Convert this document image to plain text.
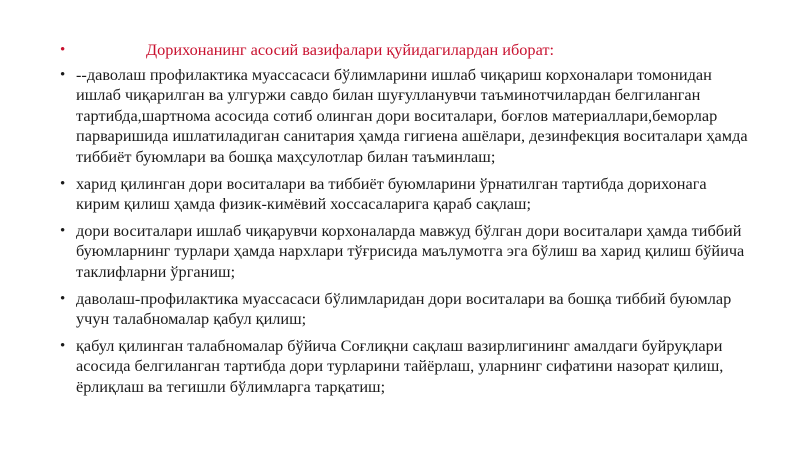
•	Дорихонанинг асосий вазифалари қуйидагилардан иборат:
• --даволаш профилактика муассасаси бўлимларини ишлаб чиқариш корхоналари томонидан ишлаб чиқарилган ва улгуржи савдо билан шуғулланувчи таъминотчилардан белгиланган тартибда,шартнома асосида сотиб олинган дори воситалари, боғлов материаллари,беморлар парваришида ишлатиладиган санитария ҳамда гигиена ашёлари, дезинфекция воситалари ҳамда тиббиёт буюмлари ва бошқа маҳсулотлар билан таъминлаш;
• харид қилинган дори воситалари ва тиббиёт буюмларини ўрнатилган тартибда дорихонага кирим қилиш ҳамда физик-кимёвий хоссасаларига қараб сақлаш;
• дори воситалари ишлаб чиқарувчи корхоналарда мавжуд бўлган дори воситалари ҳамда тиббий буюмларнинг турлари ҳамда нархлари тўғрисида маълумотга эга бўлиш ва харид қилиш бўйича таклифларни ўрганиш;
• даволаш-профилактика муассасаси бўлимларидан дори воситалари ва бошқа тиббий буюмлар учун талабномалар қабул қилиш;
• қабул қилинган талабномалар бўйича Соғлиқни сақлаш вазирлигининг амалдаги буйруқлари асосида белгиланган тартибда дори турларини тайёрлаш, уларнинг сифатини назорат қилиш, ёрлиқлаш ва тегишли бўлимларга тарқатиш;
